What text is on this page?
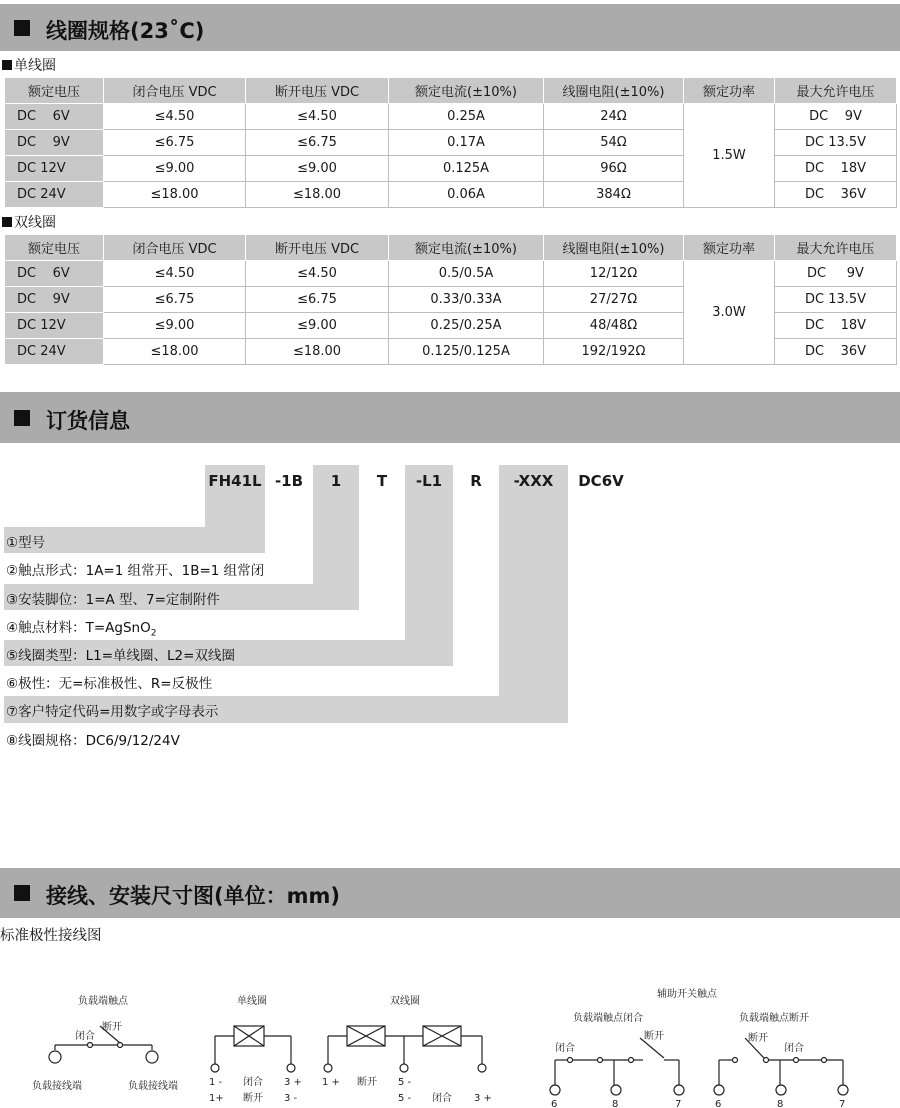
线圈规格(23˚C)
单线圈
额定电压	闭合电压 VDC	断开电压 VDC	额定电流(±10%)	线圈电阻(±10%)	额定功率	最大允许电压
DC    6V	≤4.50	≤4.50	0.25A	24Ω	1.5W	DC    9V
DC    9V	≤6.75	≤6.75	0.17A	54Ω		DC 13.5V
DC 12V	≤9.00	≤9.00	0.125A	96Ω		DC    18V
DC 24V	≤18.00	≤18.00	0.06A	384Ω		DC    36V
双线圈
额定电压	闭合电压 VDC	断开电压 VDC	额定电流(±10%)	线圈电阻(±10%)	额定功率	最大允许电压
DC    6V	≤4.50	≤4.50	0.5/0.5A	12/12Ω	3.0W	DC     9V
DC    9V	≤6.75	≤6.75	0.33/0.33A	27/27Ω		DC 13.5V
DC 12V	≤9.00	≤9.00	0.25/0.25A	48/48Ω		DC    18V
DC 24V	≤18.00	≤18.00	0.125/0.125A	192/192Ω		DC    36V
订货信息
FH41L -1B	1	T	-L1	R	-XXX	DC6V
①型号
②触点形式：1A=1 组常开、1B=1 组常闭
③安装脚位：1=A 型、7=定制附件
④触点材料：T=AgSnO$_2$
⑤线圈类型：L1=单线圈、L2=双线圈
⑥极性：无=标准极性、R=反极性
⑦客户特定代码=用数字或字母表示
⑧线圈规格：DC6/9/12/24V
接线、安装尺寸图(单位：mm)
标准极性接线图
负载端触点
闭合
断开
负载接线端	负载接线端
单线圈
1 - 闭合 3 +
1+ 断开 3 -
双线圈
1 + 断开 5 -
5 - 闭合 3 +
辅助开关触点
负载端触点闭合
闭合
断开
6	8	7
负载端触点断开
断开
闭合
6	8	7
